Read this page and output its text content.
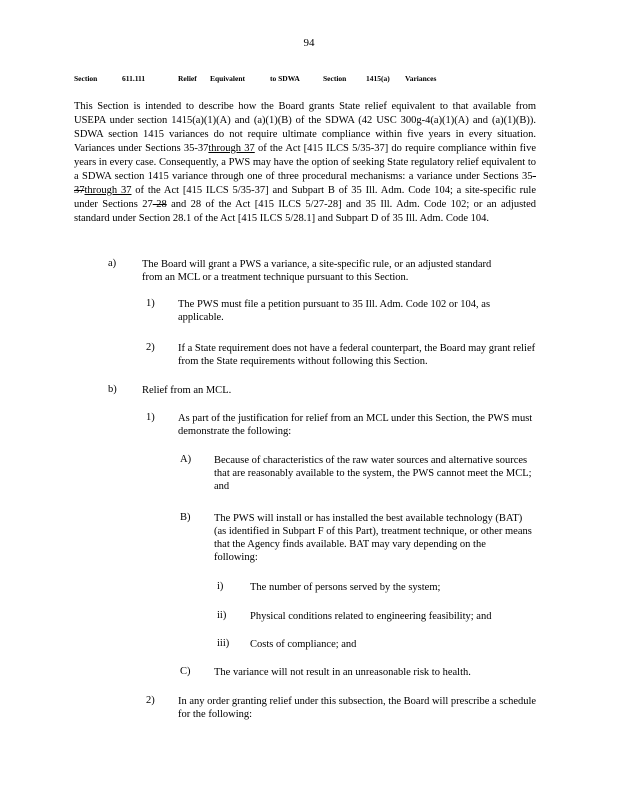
94
Section	611.111	Relief Equivalent	to SDWA	Section	1415(a) Variances
This Section is intended to describe how the Board grants State relief equivalent to that available from USEPA under section 1415(a)(1)(A) and (a)(1)(B) of the SDWA (42 USC 300g-4(a)(1)(A) and (a)(1)(B)). SDWA section 1415 variances do not require ultimate compliance within five years in every situation. Variances under Sections 35-37through 37 of the Act [415 ILCS 5/35-37] do require compliance within five years in every case. Consequently, a PWS may have the option of seeking State regulatory relief equivalent to a SDWA section 1415 variance through one of three procedural mechanisms: a variance under Sections 35-37through 37 of the Act [415 ILCS 5/35-37] and Subpart B of 35 Ill. Adm. Code 104; a site-specific rule under Sections 27-28 and 28 of the Act [415 ILCS 5/27-28] and 35 Ill. Adm. Code 102; or an adjusted standard under Section 28.1 of the Act [415 ILCS 5/28.1] and Subpart D of 35 Ill. Adm. Code 104.
a) The Board will grant a PWS a variance, a site-specific rule, or an adjusted standard from an MCL or a treatment technique pursuant to this Section.
1) The PWS must file a petition pursuant to 35 Ill. Adm. Code 102 or 104, as applicable.
2) If a State requirement does not have a federal counterpart, the Board may grant relief from the State requirements without following this Section.
b) Relief from an MCL.
1) As part of the justification for relief from an MCL under this Section, the PWS must demonstrate the following:
A) Because of characteristics of the raw water sources and alternative sources that are reasonably available to the system, the PWS cannot meet the MCL; and
B) The PWS will install or has installed the best available technology (BAT) (as identified in Subpart F of this Part), treatment technique, or other means that the Agency finds available. BAT may vary depending on the following:
i)	The number of persons served by the system;
ii) Physical conditions related to engineering feasibility; and
iii) Costs of compliance; and
C) The variance will not result in an unreasonable risk to health.
2) In any order granting relief under this subsection, the Board will prescribe a schedule for the following:
